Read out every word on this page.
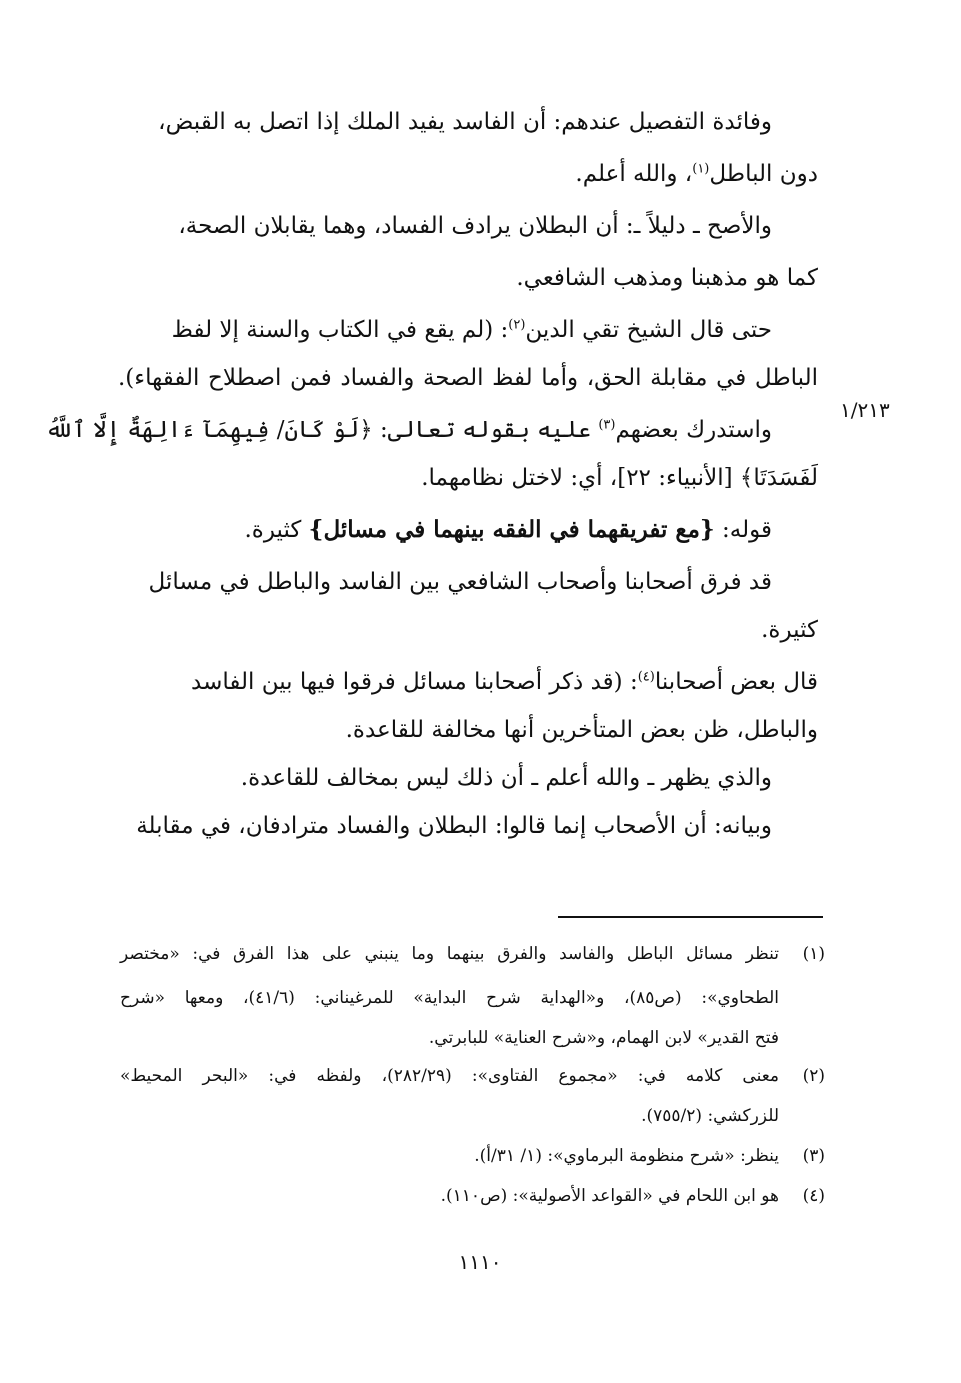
وفائدة التفصيل عندهم: أن الفاسد يفيد الملك إذا اتصل به القبض،
دون الباطل$^{(١)}$، والله أعلم.
والأصح ـ دليلاً ـ: أن البطلان يرادف الفساد، وهما يقابلان الصحة،
كما هو مذهبنا ومذهب الشافعي.
حتى قال الشيخ تقي الدين$^{(٢)}$: (لم يقع في الكتاب والسنة إلا لفظ
الباطل في مقابلة الحق، وأما لفظ الصحة والفساد فمن اصطلاح الفقهاء).
واستدرك بعضهم$^{(٣)}$ عليه بقوله تعالى: ﴿لَوْ كَانَ/ فِيهِمَآ ءَالِهَةٌ إِلَّا ٱللَّهُ
لَفَسَدَتَا﴾ [الأنبياء: ٢٢]، أي: لاختل نظامهما.
قوله: {مع تفريقهما في الفقه بينهما في مسائل} كثيرة.
قد فرق أصحابنا وأصحاب الشافعي بين الفاسد والباطل في مسائل
كثيرة.
قال بعض أصحابنا$^{(٤)}$: (قد ذكر أصحابنا مسائل فرقوا فيها بين الفاسد
والباطل، ظن بعض المتأخرين أنها مخالفة للقاعدة.
والذي يظهر ـ والله أعلم ـ أن ذلك ليس بمخالف للقاعدة.
وبيانه: أن الأصحاب إنما قالوا: البطلان والفساد مترادفان، في مقابلة
١/٢١٣
(١)
تنظر مسائل الباطل والفاسد والفرق بينهما وما ينبني على هذا الفرق في: «مختصر
الطحاوي»: (ص٨٥)، و«الهداية شرح البداية» للمرغيناني: (٤١/٦)، ومعها «شرح
فتح القدير» لابن الهمام، و«شرح العناية» للبابرتي.
(٢)
معنى كلامه في: «مجموع الفتاوى»: (٢٨٢/٢٩)، ولفظه في: «البحر المحيط»
للزركشي: (٧٥٥/٢).
(٣)
ينظر: «شرح منظومة البرماوي»: (١/ ٣١/أ).
(٤)
هو ابن اللحام في «القواعد الأصولية»: (ص١١٠).
١١١٠
